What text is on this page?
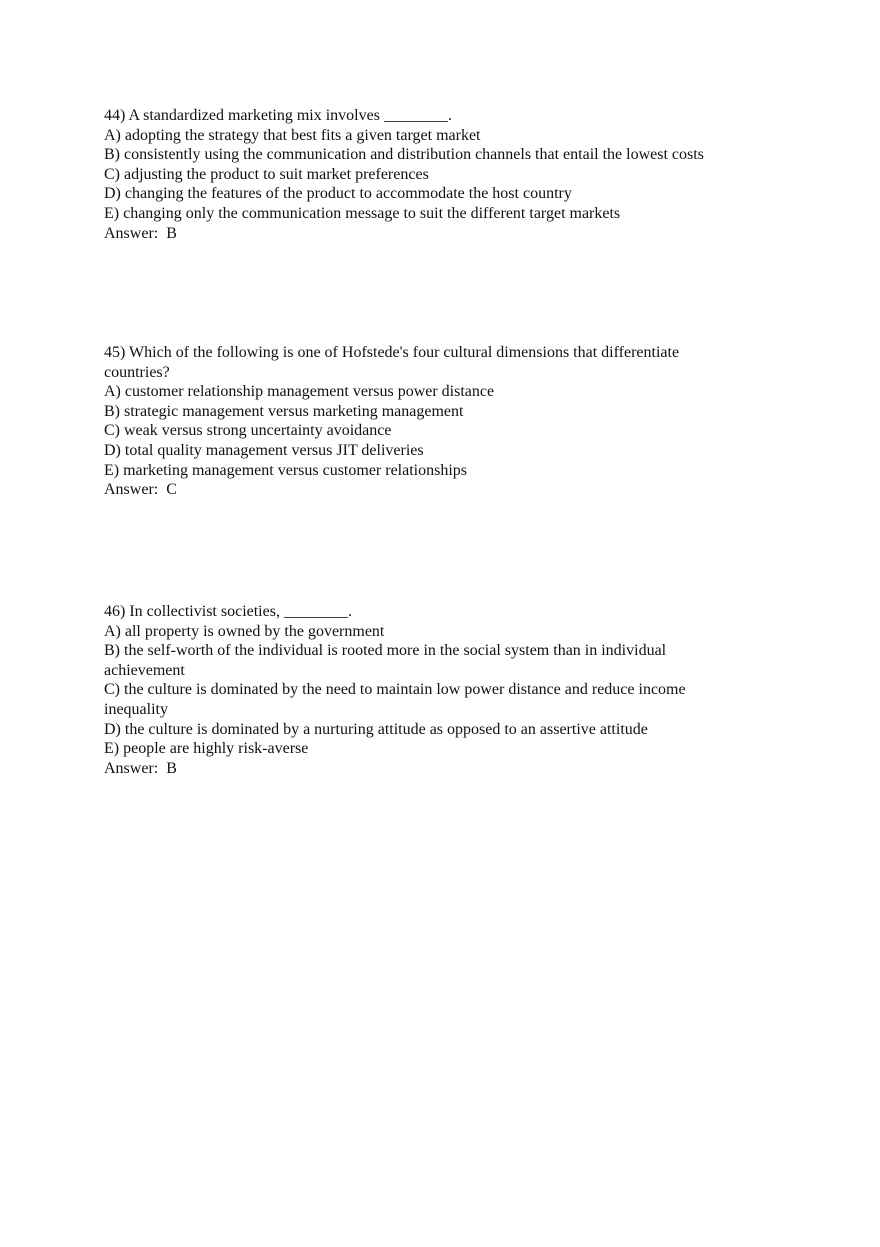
44) A standardized marketing mix involves ________.
A) adopting the strategy that best fits a given target market
B) consistently using the communication and distribution channels that entail the lowest costs
C) adjusting the product to suit market preferences
D) changing the features of the product to accommodate the host country
E) changing only the communication message to suit the different target markets
Answer: B
45) Which of the following is one of Hofstede's four cultural dimensions that differentiate countries?
A) customer relationship management versus power distance
B) strategic management versus marketing management
C) weak versus strong uncertainty avoidance
D) total quality management versus JIT deliveries
E) marketing management versus customer relationships
Answer: C
46) In collectivist societies, ________.
A) all property is owned by the government
B) the self-worth of the individual is rooted more in the social system than in individual achievement
C) the culture is dominated by the need to maintain low power distance and reduce income inequality
D) the culture is dominated by a nurturing attitude as opposed to an assertive attitude
E) people are highly risk-averse
Answer: B
